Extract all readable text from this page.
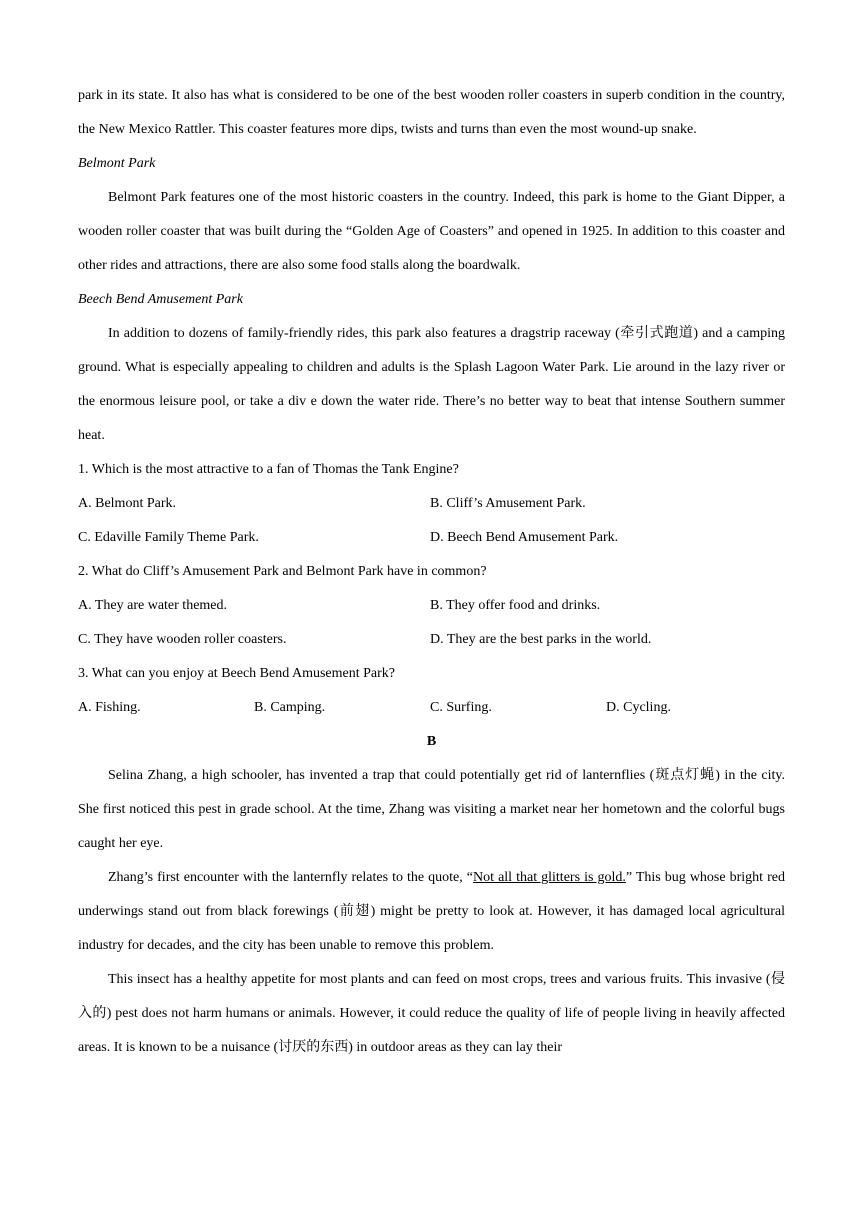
park in its state. It also has what is considered to be one of the best wooden roller coasters in superb condition in the country, the New Mexico Rattler. This coaster features more dips, twists and turns than even the most wound-up snake.

Belmont Park

Belmont Park features one of the most historic coasters in the country. Indeed, this park is home to the Giant Dipper, a wooden roller coaster that was built during the “Golden Age of Coasters” and opened in 1925. In addition to this coaster and other rides and attractions, there are also some food stalls along the boardwalk.

Beech Bend Amusement Park

In addition to dozens of family-friendly rides, this park also features a dragstrip raceway (牵引式跑道) and a camping ground. What is especially appealing to children and adults is the Splash Lagoon Water Park. Lie around in the lazy river or the enormous leisure pool, or take a div e down the water ride. There’s no better way to beat that intense Southern summer heat.

1. Which is the most attractive to a fan of Thomas the Tank Engine?

A. Belmont Park.	B. Cliff’s Amusement Park.
C. Edaville Family Theme Park.	D. Beech Bend Amusement Park.

2. What do Cliff’s Amusement Park and Belmont Park have in common?

A. They are water themed.	B. They offer food and drinks.
C. They have wooden roller coasters.	D. They are the best parks in the world.

3. What can you enjoy at Beech Bend Amusement Park?

A. Fishing.	B. Camping.	C. Surfing.	D. Cycling.

B

Selina Zhang, a high schooler, has invented a trap that could potentially get rid of lanternflies (斑点灯蝇) in the city. She first noticed this pest in grade school. At the time, Zhang was visiting a market near her hometown and the colorful bugs caught her eye.

Zhang’s first encounter with the lanternfly relates to the quote, “Not all that glitters is gold.” This bug whose bright red underwings stand out from black forewings (前翅) might be pretty to look at. However, it has damaged local agricultural industry for decades, and the city has been unable to remove this problem.

This insect has a healthy appetite for most plants and can feed on most crops, trees and various fruits. This invasive (侵入的) pest does not harm humans or animals. However, it could reduce the quality of life of people living in heavily affected areas. It is known to be a nuisance (讨厌的东西) in outdoor areas as they can lay their
